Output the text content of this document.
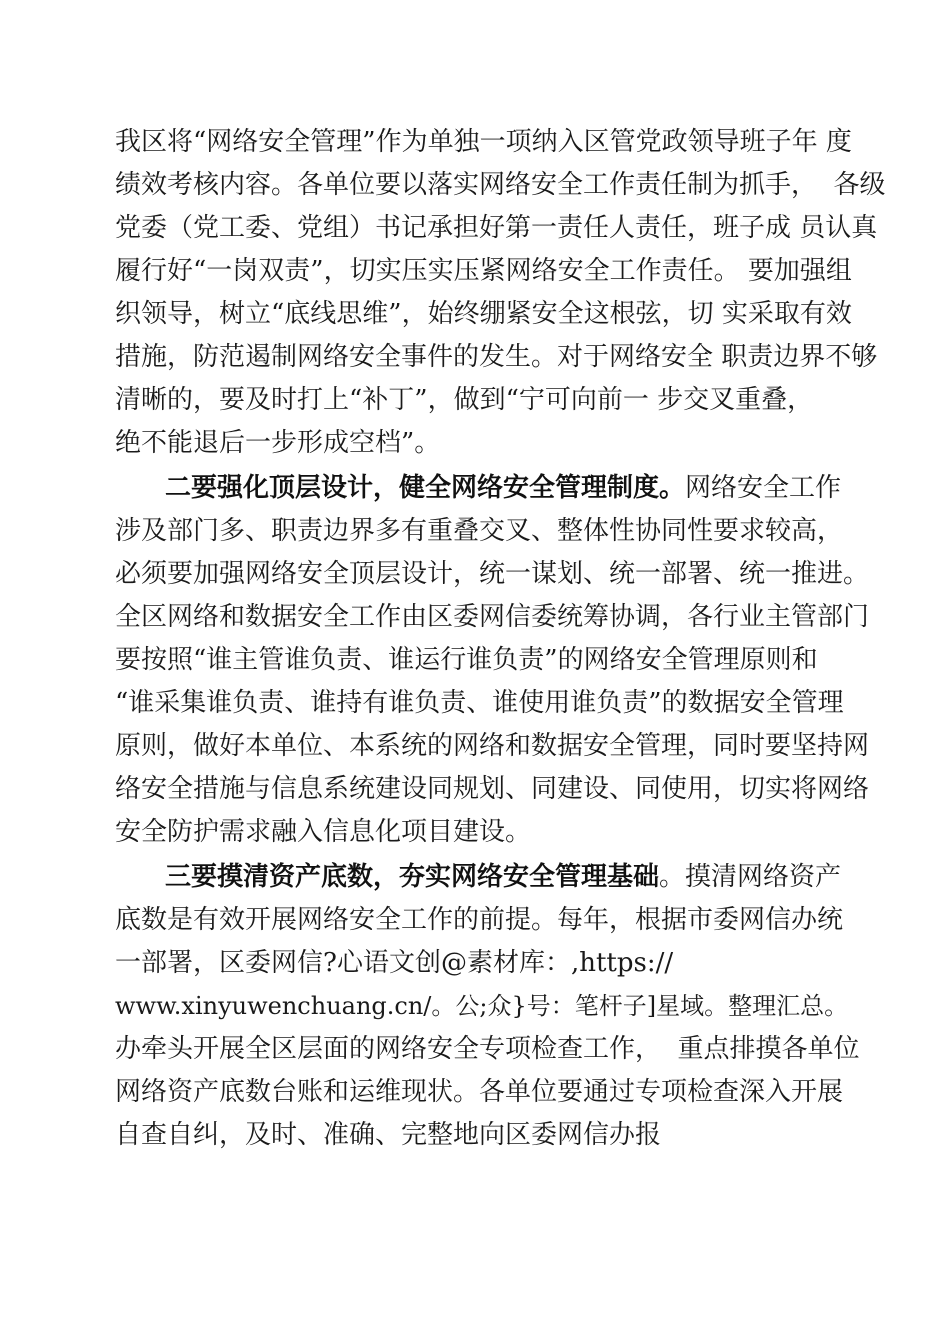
我区将“网络安全管理”作为单独一项纳入区管党政领导班子年 度
绩效考核内容。各单位要以落实网络安全工作责任制为抓手，  各级
党委（党工委、党组）书记承担好第一责任人责任，班子成 员认真
履行好“一岗双责”，切实压实压紧网络安全工作责任。 要加强组
织领导，树立“底线思维”，始终绷紧安全这根弦，切 实采取有效
措施，防范遏制网络安全事件的发生。对于网络安全 职责边界不够
清晰的，要及时打上“补丁”，做到“宁可向前一 步交叉重叠，
绝不能退后一步形成空档”。
二要强化顶层设计，健全网络安全管理制度。网络安全工作
涉及部门多、职责边界多有重叠交叉、整体性协同性要求较高，
必须要加强网络安全顶层设计，统一谋划、统一部署、统一推进。
全区网络和数据安全工作由区委网信委统筹协调，各行业主管部门
要按照“谁主管谁负责、谁运行谁负责”的网络安全管理原则和
“谁采集谁负责、谁持有谁负责、谁使用谁负责”的数据安全管理
原则，做好本单位、本系统的网络和数据安全管理，同时要坚持网
络安全措施与信息系统建设同规划、同建设、同使用，切实将网络
安全防护需求融入信息化项目建设。
三要摸清资产底数，夯实网络安全管理基础。摸清网络资产
底数是有效开展网络安全工作的前提。每年，根据市委网信办统
一部署，区委网信?心语文创@素材库：,https://
www.xinyuwenchuang.cn/。公;众}号：笔杆子]星域。整理汇总。
办牵头开展全区层面的网络安全专项检查工作，  重点排摸各单位
网络资产底数台账和运维现状。各单位要通过专项检查深入开展
自查自纠，及时、准确、完整地向区委网信办报
